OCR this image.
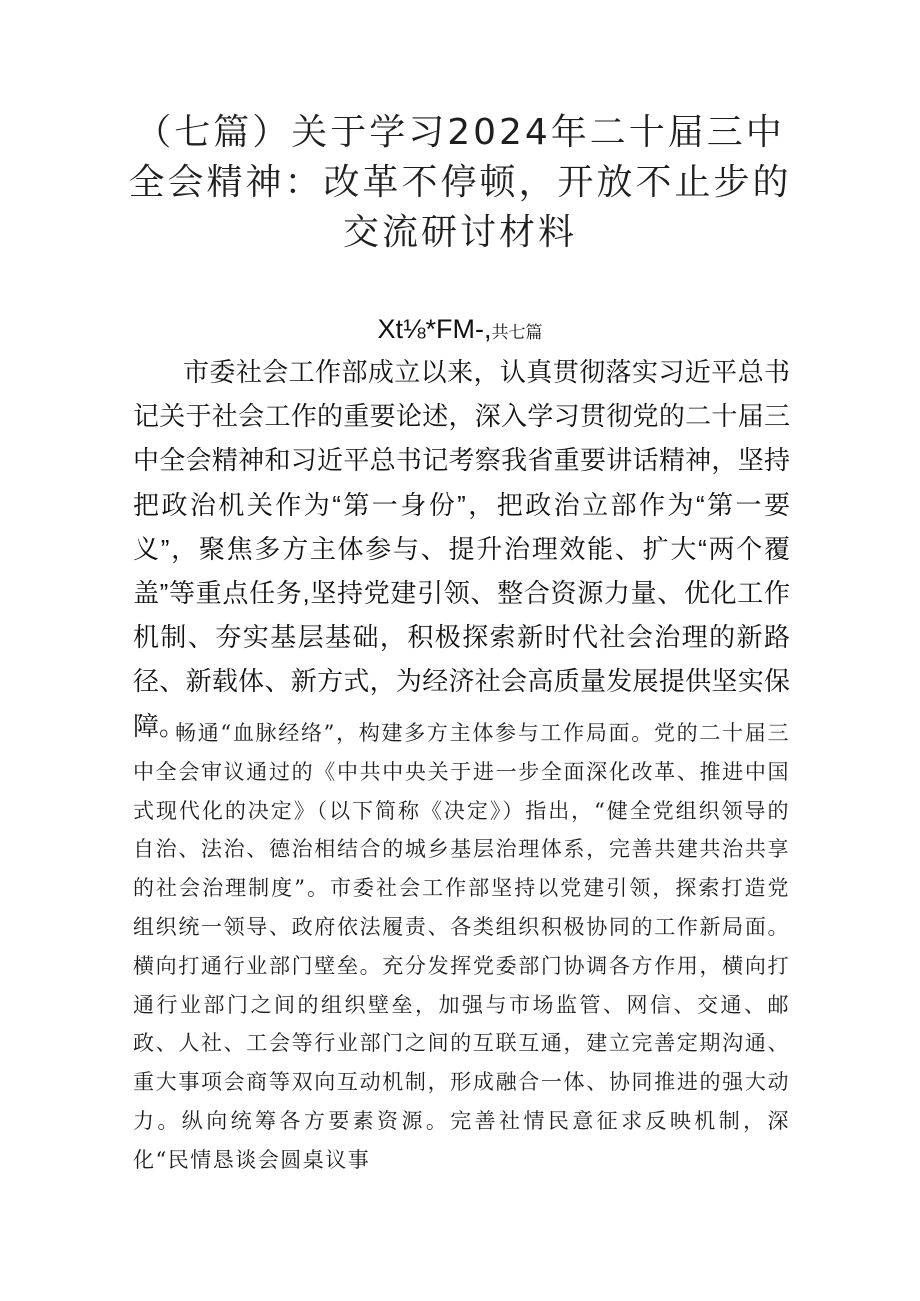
（七篇）关于学习2024年二十届三中全会精神：改革不停顿，开放不止步的交流研讨材料
Xt⅛*FM-,共七篇

市委社会工作部成立以来，认真贯彻落实习近平总书记关于社会工作的重要论述，深入学习贯彻党的二十届三中全会精神和习近平总书记考察我省重要讲话精神，坚持把政治机关作为“第一身份”，把政治立部作为“第一要义”，聚焦多方主体参与、提升治理效能、扩大“两个覆盖”等重点任务,坚持党建引领、整合资源力量、优化工作机制、夯实基层基础，积极探索新时代社会治理的新路径、新载体、新方式，为经济社会高质量发展提供坚实保障。

畅通“血脉经络”，构建多方主体参与工作局面。党的二十届三中全会审议通过的《中共中央关于进一步全面深化改革、推进中国式现代化的决定》（以下简称《决定》）指出，“健全党组织领导的自治、法治、德治相结合的城乡基层治理体系，完善共建共治共享的社会治理制度”。市委社会工作部坚持以党建引领，探索打造党组织统一领导、政府依法履责、各类组织积极协同的工作新局面。横向打通行业部门壁垒。充分发挥党委部门协调各方作用，横向打通行业部门之间的组织壁垒，加强与市场监管、网信、交通、邮政、人社、工会等行业部门之间的互联互通，建立完善定期沟通、重大事项会商等双向互动机制，形成融合一体、协同推进的强大动力。纵向统筹各方要素资源。完善社情民意征求反映机制，深化“民情恳谈会圆桌议事
